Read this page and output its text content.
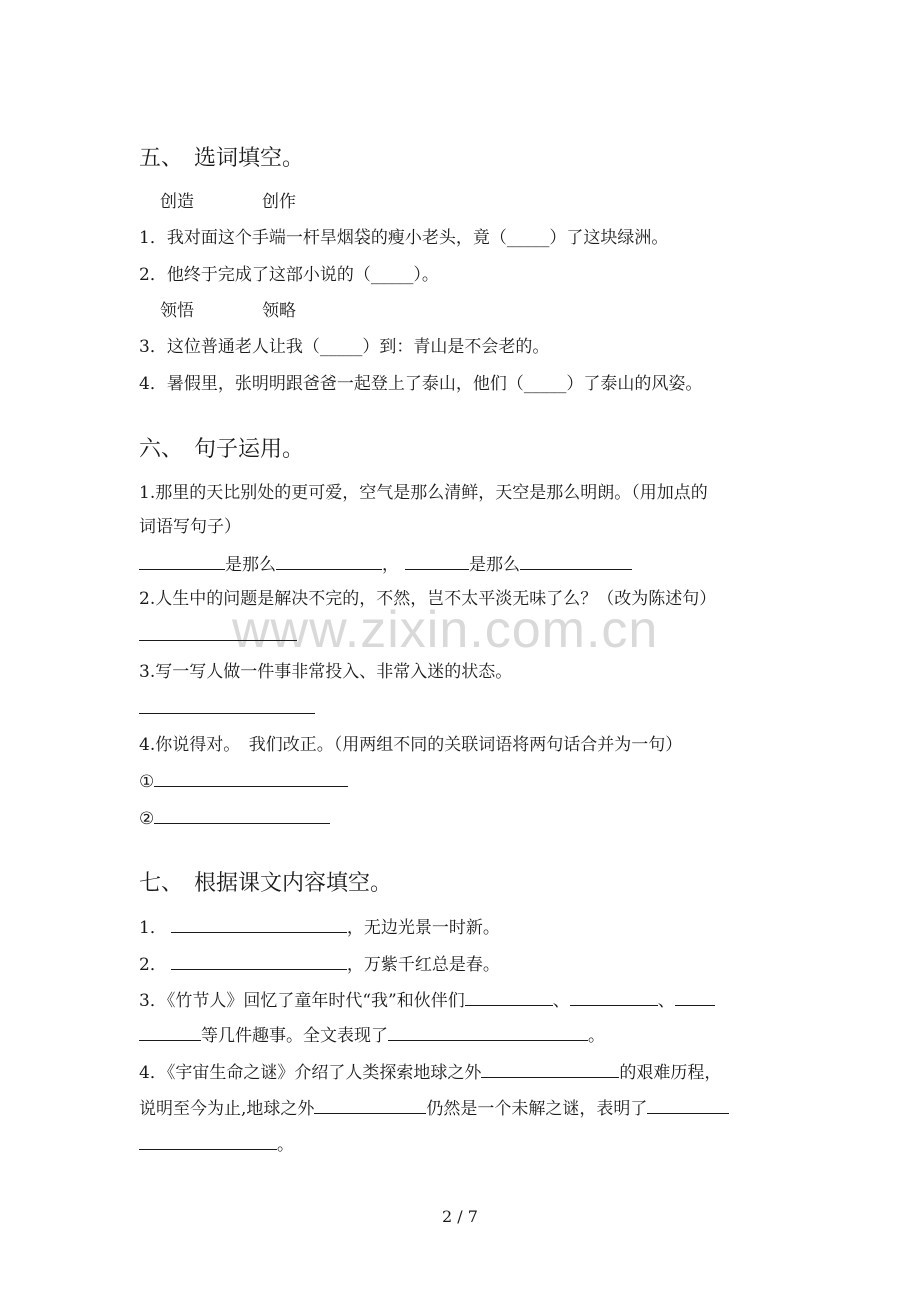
www.zixin.com.cn
五、　选词填空。
创造　　　　创作
1．我对面这个手端一杆旱烟袋的瘦小老头，竟（_____）了这块绿洲。
2．他终于完成了这部小说的（_____）。
领悟　　　　领略
3．这位普通老人让我（_____）到：青山是不会老的。
4．暑假里，张明明跟爸爸一起登上了泰山，他们（_____）了泰山的风姿。
六、　句子运用。
1.那里的天比别处的更可爱，空气是那么清鲜，天空是那么明朗。（用加点的
词语写句子）
是那么	，	是那么
2.人生中的问题是解决不完的，不然，岂不太平淡无味了么？（改为陈述句）
3.写一写人做一件事非常投入、非常入迷的状态。
4.你说得对。　我们改正。（用两组不同的关联词语将两句话合并为一句）
①
②
七、　根据课文内容填空。
1．	，无边光景一时新。
2．	，万紫千红总是春。
3．《竹节人》回忆了童年时代“我”和伙伴们	、	、
等几件趣事。全文表现了	。
4．《宇宙生命之谜》介绍了人类探索地球之外	的艰难历程，
说明至今为止,地球之外	仍然是一个未解之谜，表明了
。
2 / 7
